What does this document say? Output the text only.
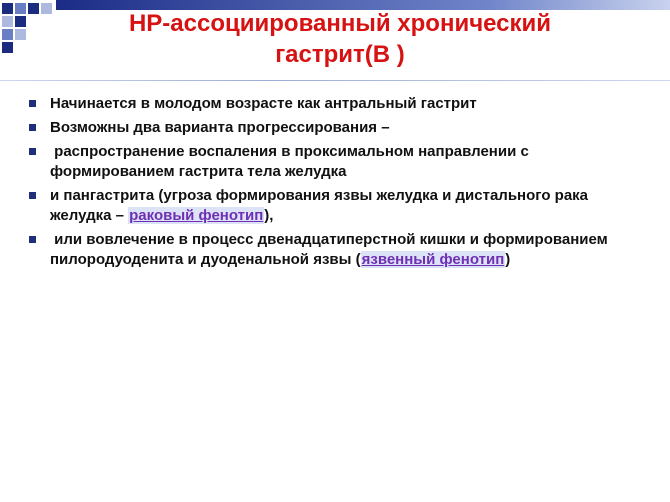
НР-ассоциированный хронический
гастрит(В )
Начинается в молодом возрасте как антральный гастрит
Возможны два варианта прогрессирования –
распространение воспаления в проксимальном направлении с формированием гастрита тела желудка
и пангастрита (угроза формирования язвы желудка и дистального рака желудка – раковый фенотип),
или вовлечение в процесс двенадцатиперстной кишки и формированием пилородуоденита и дуоденальной язвы (язвенный фенотип)
